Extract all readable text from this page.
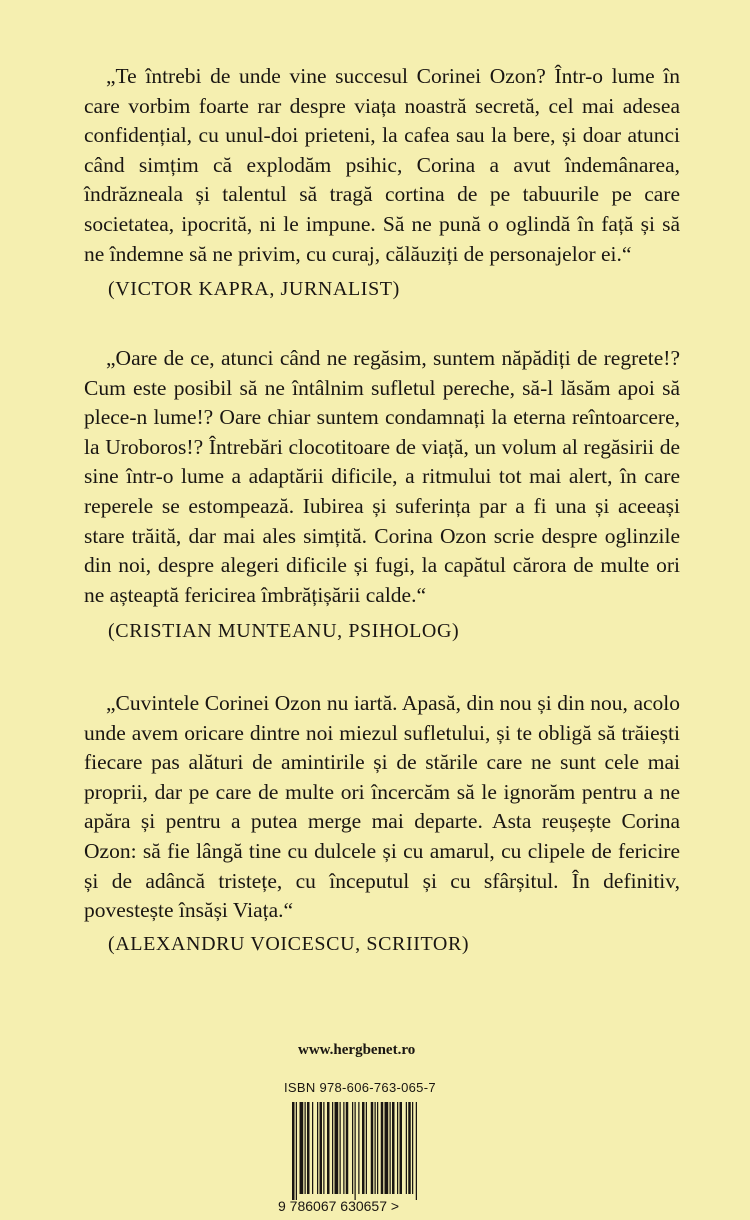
„Te întrebi de unde vine succesul Corinei Ozon? Într-o lume în care vorbim foarte rar despre viața noastră secretă, cel mai adesea confidențial, cu unul-doi prieteni, la cafea sau la bere, și doar atunci când simțim că explodăm psihic, Corina a avut îndemânarea, îndrăzneala și talentul să tragă cortina de pe tabuurile pe care societatea, ipocrită, ni le impune. Să ne pună o oglindă în față și să ne îndemne să ne privim, cu curaj, călăuziți de personajelor ei.“

(VICTOR KAPRA, JURNALIST)

„Oare de ce, atunci când ne regăsim, suntem năpădiți de regrete!? Cum este posibil să ne întâlnim sufletul pereche, să-l lăsăm apoi să plece-n lume!? Oare chiar suntem condamnați la eterna reîntoarcere, la Uroboros!? Întrebări clocotitoare de viață, un volum al regăsirii de sine într-o lume a adaptării dificile, a ritmului tot mai alert, în care reperele se estompează. Iubirea și suferința par a fi una și aceeași stare trăită, dar mai ales simțită. Corina Ozon scrie despre oglinzile din noi, despre alegeri dificile și fugi, la capătul cărora de multe ori ne așteaptă fericirea îmbrățișării calde.“

(CRISTIAN MUNTEANU, PSIHOLOG)

„Cuvintele Corinei Ozon nu iartă. Apasă, din nou și din nou, acolo unde avem oricare dintre noi miezul sufletului, și te obligă să trăiești fiecare pas alături de amintirile și de stările care ne sunt cele mai proprii, dar pe care de multe ori încercăm să le ignorăm pentru a ne apăra și pentru a putea merge mai departe. Asta reușește Corina Ozon: să fie lângă tine cu dulcele și cu amarul, cu clipele de fericire și de adâncă tristețe, cu începutul și cu sfârșitul. În definitiv, povestește însăși Viața.“

(ALEXANDRU VOICESCU, SCRIITOR)

www.hergbenet.ro

ISBN 978-606-763-065-7

9 786067 630657 >
